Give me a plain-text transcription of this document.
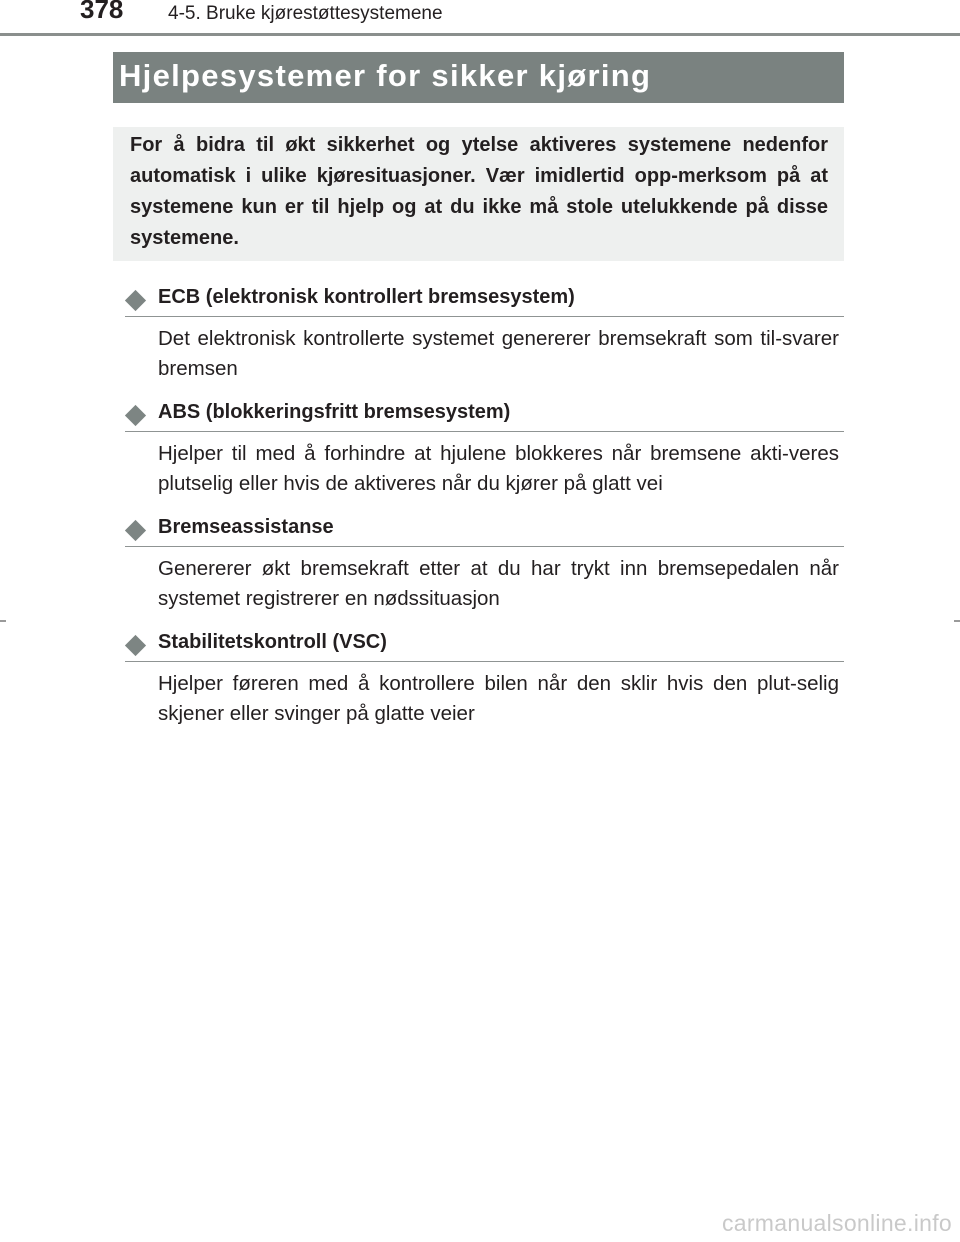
378 4-5. Bruke kjørestøttesystemene
Hjelpesystemer for sikker kjøring
For å bidra til økt sikkerhet og ytelse aktiveres systemene nedenfor automatisk i ulike kjøresituasjoner. Vær imidlertid opp-merksom på at systemene kun er til hjelp og at du ikke må stole utelukkende på disse systemene.
ECB (elektronisk kontrollert bremsesystem)
Det elektronisk kontrollerte systemet genererer bremsekraft som til-svarer bremsen
ABS (blokkeringsfritt bremsesystem)
Hjelper til med å forhindre at hjulene blokkeres når bremsene akti-veres plutselig eller hvis de aktiveres når du kjører på glatt vei
Bremseassistanse
Genererer økt bremsekraft etter at du har trykt inn bremsepedalen når systemet registrerer en nødssituasjon
Stabilitetskontroll (VSC)
Hjelper føreren med å kontrollere bilen når den sklir hvis den plut-selig skjener eller svinger på glatte veier
carmanualsonline.info
